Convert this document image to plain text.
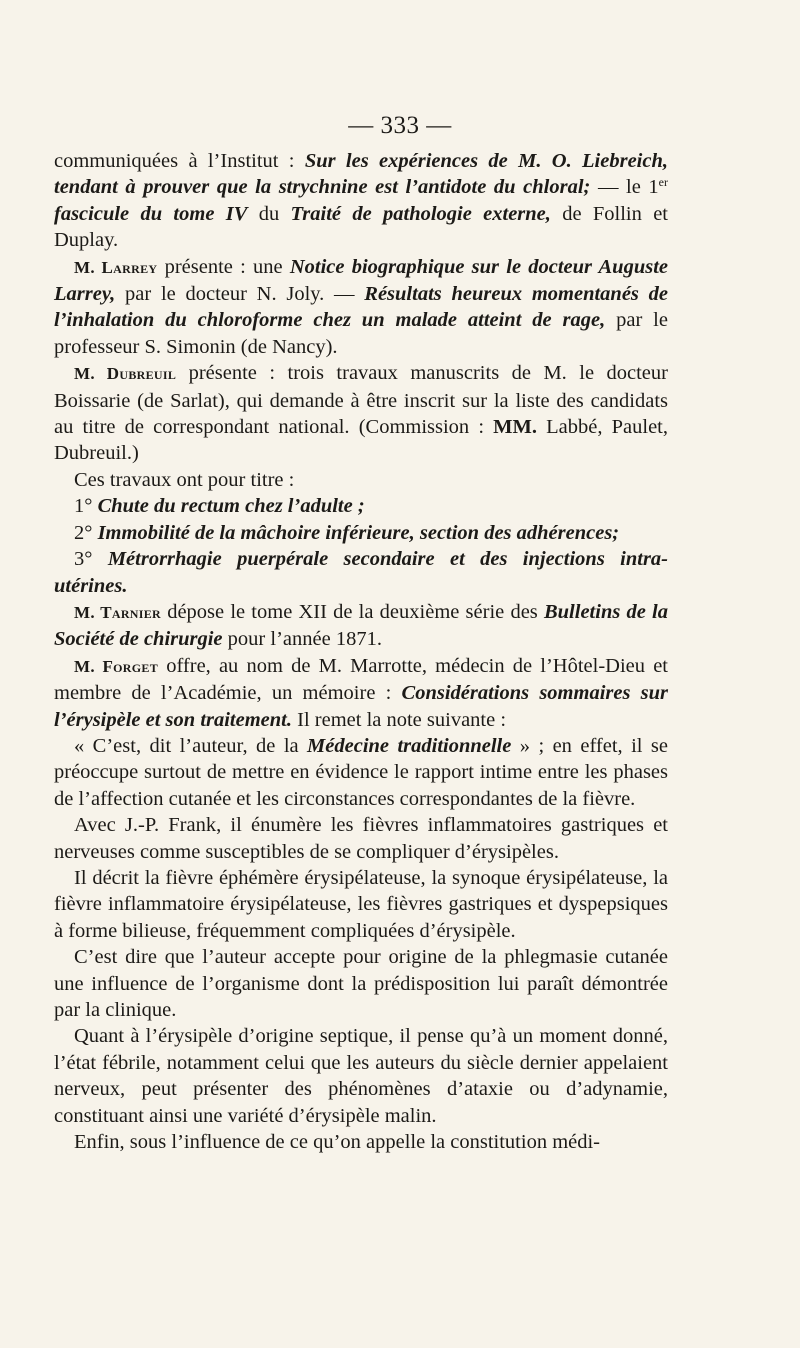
— 333 —

communiquées à l’Institut : Sur les expériences de M. O. Liebreich, tendant à prouver que la strychnine est l’antidote du chloral; — le 1er fascicule du tome IV du Traité de pathologie externe, de Follin et Duplay.

M. Larrey présente : une Notice biographique sur le docteur Auguste Larrey, par le docteur N. Joly. — Résultats heureux momentanés de l’inhalation du chloroforme chez un malade atteint de rage, par le professeur S. Simonin (de Nancy).

M. Dubreuil présente : trois travaux manuscrits de M. le docteur Boissarie (de Sarlat), qui demande à être inscrit sur la liste des candidats au titre de correspondant national. (Commission : MM. Labbé, Paulet, Dubreuil.)

Ces travaux ont pour titre :

1° Chute du rectum chez l’adulte ;

2° Immobilité de la mâchoire inférieure, section des adhérences;

3° Métrorrhagie puerpérale secondaire et des injections intra-utérines.

M. Tarnier dépose le tome XII de la deuxième série des Bulletins de la Société de chirurgie pour l’année 1871.

M. Forget offre, au nom de M. Marrotte, médecin de l’Hôtel-Dieu et membre de l’Académie, un mémoire : Considérations sommaires sur l’érysipèle et son traitement. Il remet la note suivante :

« C’est, dit l’auteur, de la Médecine traditionnelle » ; en effet, il se préoccupe surtout de mettre en évidence le rapport intime entre les phases de l’affection cutanée et les circonstances correspondantes de la fièvre.

Avec J.-P. Frank, il énumère les fièvres inflammatoires gastriques et nerveuses comme susceptibles de se compliquer d’érysipèles.

Il décrit la fièvre éphémère érysipélateuse, la synoque érysipélateuse, la fièvre inflammatoire érysipélateuse, les fièvres gastriques et dyspepsiques à forme bilieuse, fréquemment compliquées d’érysipèle.

C’est dire que l’auteur accepte pour origine de la phlegmasie cutanée une influence de l’organisme dont la prédisposition lui paraît démontrée par la clinique.

Quant à l’érysipèle d’origine septique, il pense qu’à un moment donné, l’état fébrile, notamment celui que les auteurs du siècle dernier appelaient nerveux, peut présenter des phénomènes d’ataxie ou d’adynamie, constituant ainsi une variété d’érysipèle malin.

Enfin, sous l’influence de ce qu’on appelle la constitution médi-
